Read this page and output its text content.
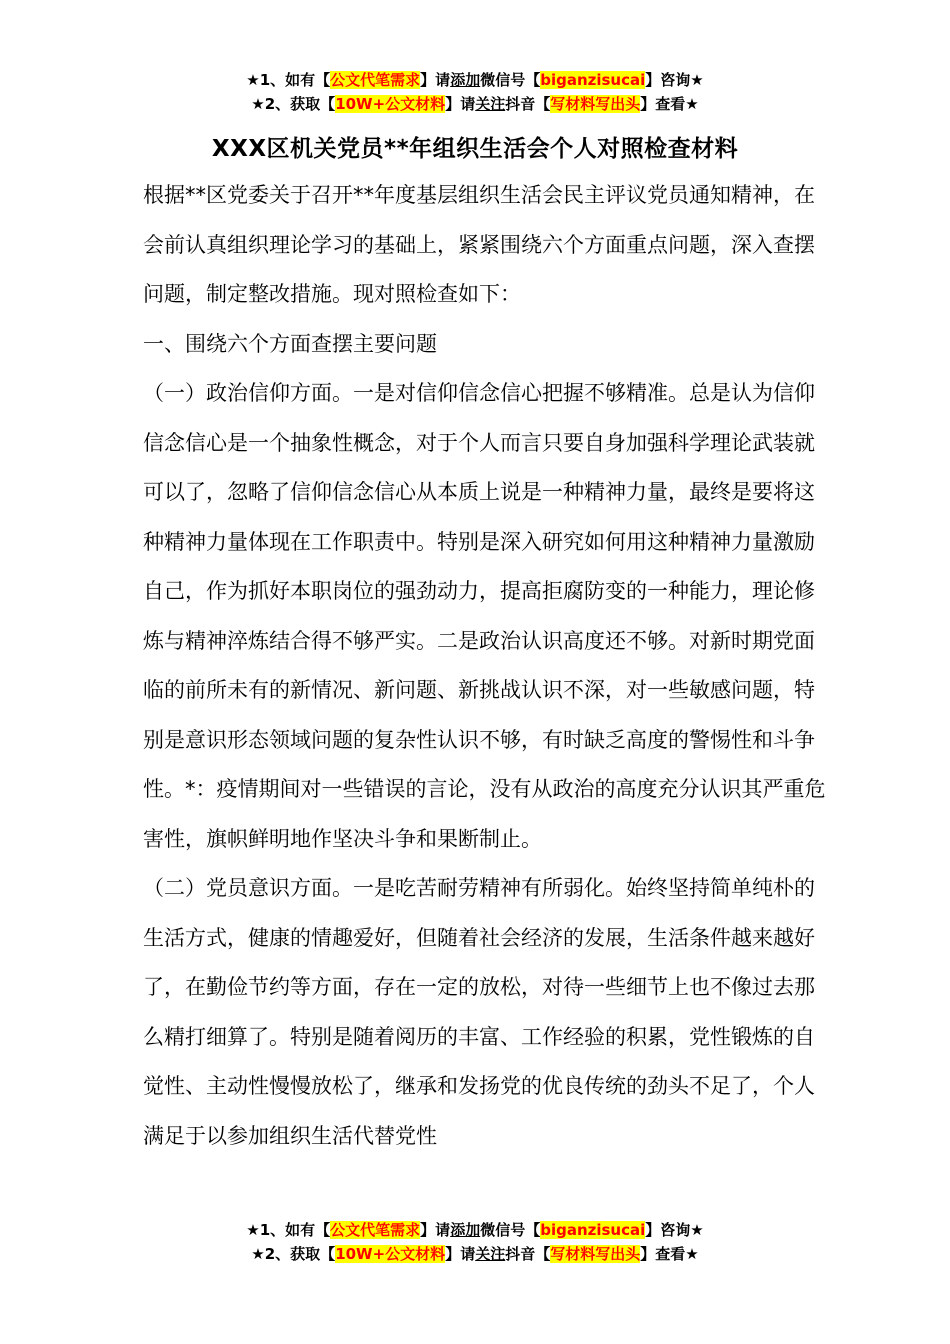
★1、如有【公文代笔需求】请添加微信号【biganzisucai】咨询★
★2、获取【10W+公文材料】请关注抖音【写材料写出头】查看★
XXX区机关党员**年组织生活会个人对照检查材料

根据**区党委关于召开**年度基层组织生活会民主评议党员通知精神，在会前认真组织理论学习的基础上，紧紧围绕六个方面重点问题，深入查摆问题，制定整改措施。现对照检查如下：

一、围绕六个方面查摆主要问题

（一）政治信仰方面。一是对信仰信念信心把握不够精准。总是认为信仰信念信心是一个抽象性概念，对于个人而言只要自身加强科学理论武装就可以了，忽略了信仰信念信心从本质上说是一种精神力量，最终是要将这种精神力量体现在工作职责中。特别是深入研究如何用这种精神力量激励自己，作为抓好本职岗位的强劲动力，提高拒腐防变的一种能力，理论修炼与精神淬炼结合得不够严实。二是政治认识高度还不够。对新时期党面临的前所未有的新情况、新问题、新挑战认识不深，对一些敏感问题，特别是意识形态领域问题的复杂性认识不够，有时缺乏高度的警惕性和斗争性。*：疫情期间对一些错误的言论，没有从政治的高度充分认识其严重危害性，旗帜鲜明地作坚决斗争和果断制止。

（二）党员意识方面。一是吃苦耐劳精神有所弱化。始终坚持简单纯朴的生活方式，健康的情趣爱好，但随着社会经济的发展，生活条件越来越好了，在勤俭节约等方面，存在一定的放松，对待一些细节上也不像过去那么精打细算了。特别是随着阅历的丰富、工作经验的积累，党性锻炼的自觉性、主动性慢慢放松了，继承和发扬党的优良传统的劲头不足了，个人满足于以参加组织生活代替党性

★1、如有【公文代笔需求】请添加微信号【biganzisucai】咨询★
★2、获取【10W+公文材料】请关注抖音【写材料写出头】查看★
